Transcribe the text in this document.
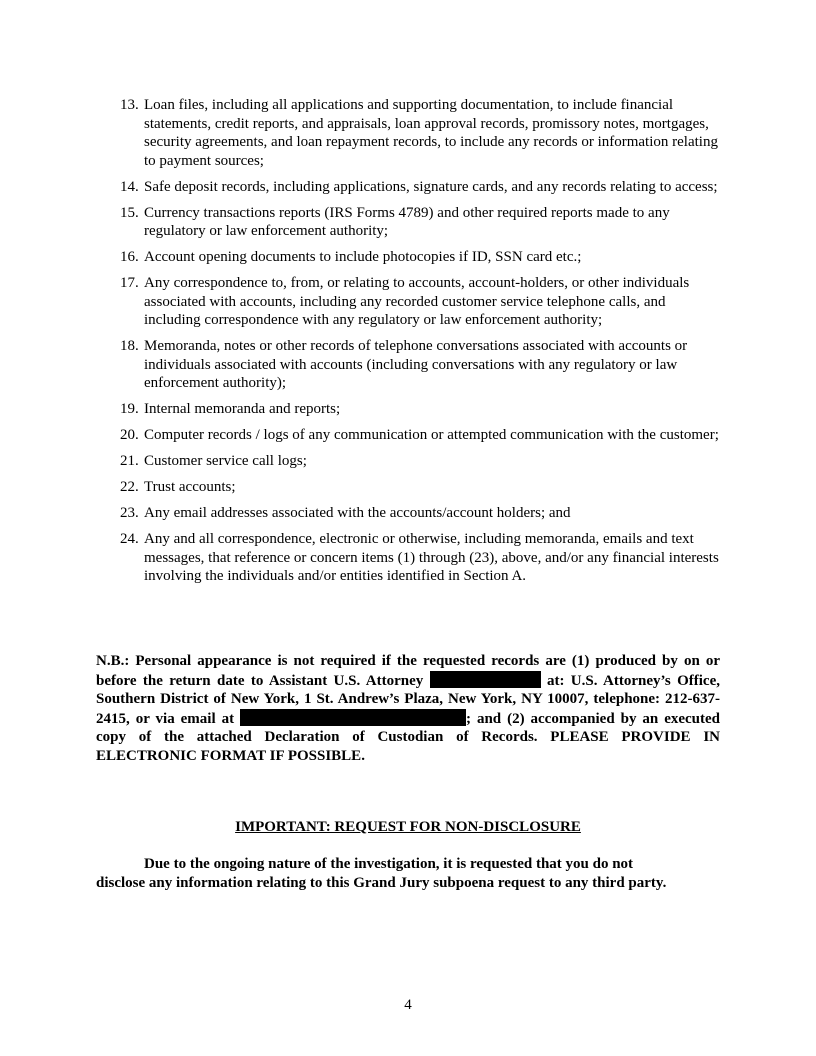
13. Loan files, including all applications and supporting documentation, to include financial statements, credit reports, and appraisals, loan approval records, promissory notes, mortgages, security agreements, and loan repayment records, to include any records or information relating to payment sources;
14. Safe deposit records, including applications, signature cards, and any records relating to access;
15. Currency transactions reports (IRS Forms 4789) and other required reports made to any regulatory or law enforcement authority;
16. Account opening documents to include photocopies if ID, SSN card etc.;
17. Any correspondence to, from, or relating to accounts, account-holders, or other individuals associated with accounts, including any recorded customer service telephone calls, and including correspondence with any regulatory or law enforcement authority;
18. Memoranda, notes or other records of telephone conversations associated with accounts or individuals associated with accounts (including conversations with any regulatory or law enforcement authority);
19. Internal memoranda and reports;
20. Computer records / logs of any communication or attempted communication with the customer;
21. Customer service call logs;
22. Trust accounts;
23. Any email addresses associated with the accounts/account holders; and
24. Any and all correspondence, electronic or otherwise, including memoranda, emails and text messages, that reference or concern items (1) through (23), above, and/or any financial interests involving the individuals and/or entities identified in Section A.

N.B.: Personal appearance is not required if the requested records are (1) produced by on or before the return date to Assistant U.S. Attorney	at: U.S. Attorney’s Office, Southern District of New York, 1 St. Andrew’s Plaza, New York, NY 10007, telephone: 212-637-2415, or via email at	; and (2) accompanied by an executed copy of the attached Declaration of Custodian of Records. PLEASE PROVIDE IN ELECTRONIC FORMAT IF POSSIBLE.

IMPORTANT: REQUEST FOR NON-DISCLOSURE

Due to the ongoing nature of the investigation, it is requested that you do not
disclose any information relating to this Grand Jury subpoena request to any third party.

4
